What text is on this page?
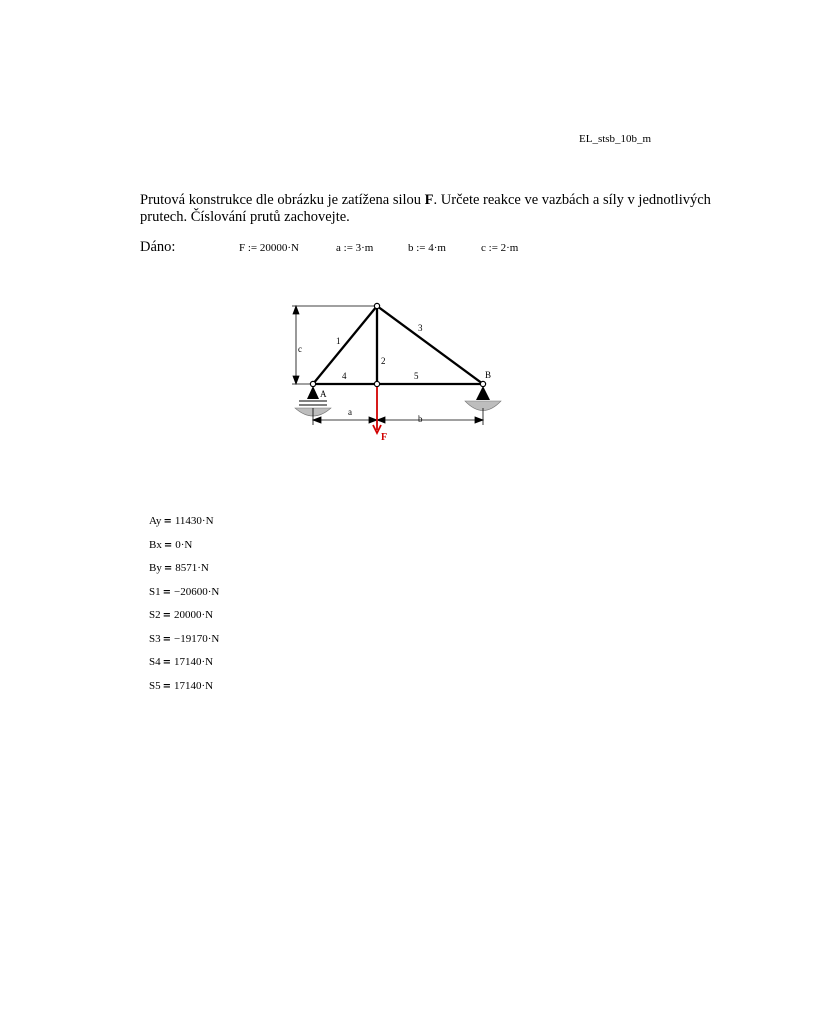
EL_stsb_10b_m
Prutová konstrukce dle obrázku je zatížena silou F. Určete reakce ve vazbách a síly v jednotlivých prutech. Číslování prutů zachovejte.
Dáno:	F := 20000·N	a := 3·m	b := 4·m	c := 2·m
c
1
2
3
4	5
A
B
a
b
F
Ay = 11430·N
Bx = 0·N
By = 8571·N
S1 = −20600·N
S2 = 20000·N
S3 = −19170·N
S4 = 17140·N
S5 = 17140·N
